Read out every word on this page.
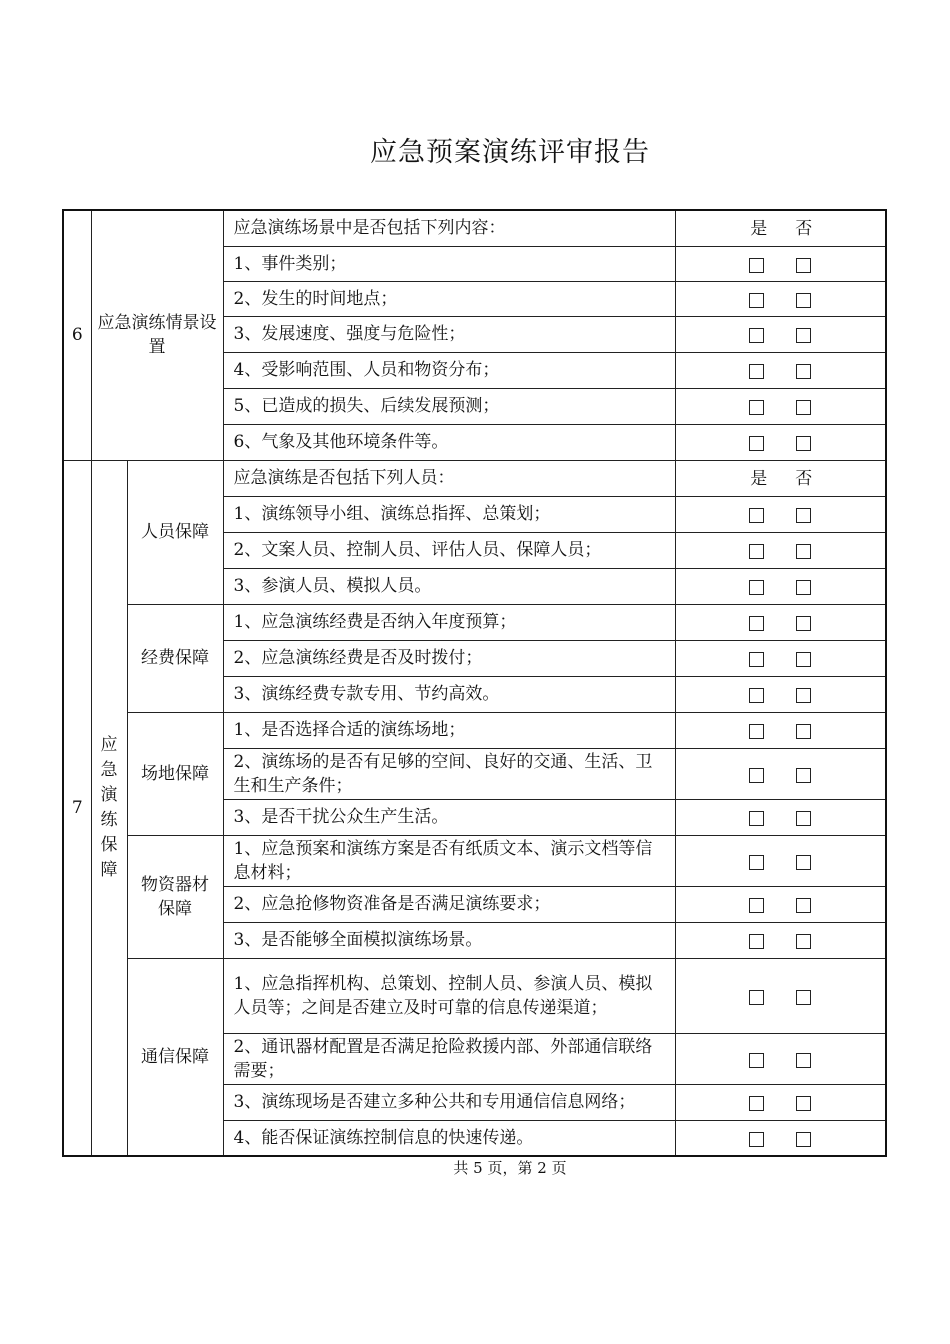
应急预案演练评审报告
6	应急演练情景设置		应急演练场景中是否包括下列内容：	是 否
			1、事件类别；	
			2、发生的时间地点；	
			3、发展速度、强度与危险性；	
			4、受影响范围、人员和物资分布；	
			5、已造成的损失、后续发展预测；	
			6、气象及其他环境条件等。	
7	应急演练保障	人员保障	应急演练是否包括下列人员：	是 否
			1、演练领导小组、演练总指挥、总策划；	
			2、文案人员、控制人员、评估人员、保障人员；	
			3、参演人员、模拟人员。	
		经费保障	1、应急演练经费是否纳入年度预算；	
			2、应急演练经费是否及时拨付；	
			3、演练经费专款专用、节约高效。	
		场地保障	1、是否选择合适的演练场地；	
			2、演练场的是否有足够的空间、良好的交通、生活、卫生和生产条件；	
			3、是否干扰公众生产生活。	

		物资器材保障	1、应急预案和演练方案是否有纸质文本、演示文档等信息材料；	
			2、应急抢修物资准备是否满足演练要求；	
			3、是否能够全面模拟演练场景。	
		通信保障	1、应急指挥机构、总策划、控制人员、参演人员、模拟人员等；之间是否建立及时可靠的信息传递渠道；	
			2、通讯器材配置是否满足抢险救援内部、外部通信联络需要；	
			3、演练现场是否建立多种公共和专用通信信息网络；	
			4、能否保证演练控制信息的快速传递。	
共 5 页，第 2 页
